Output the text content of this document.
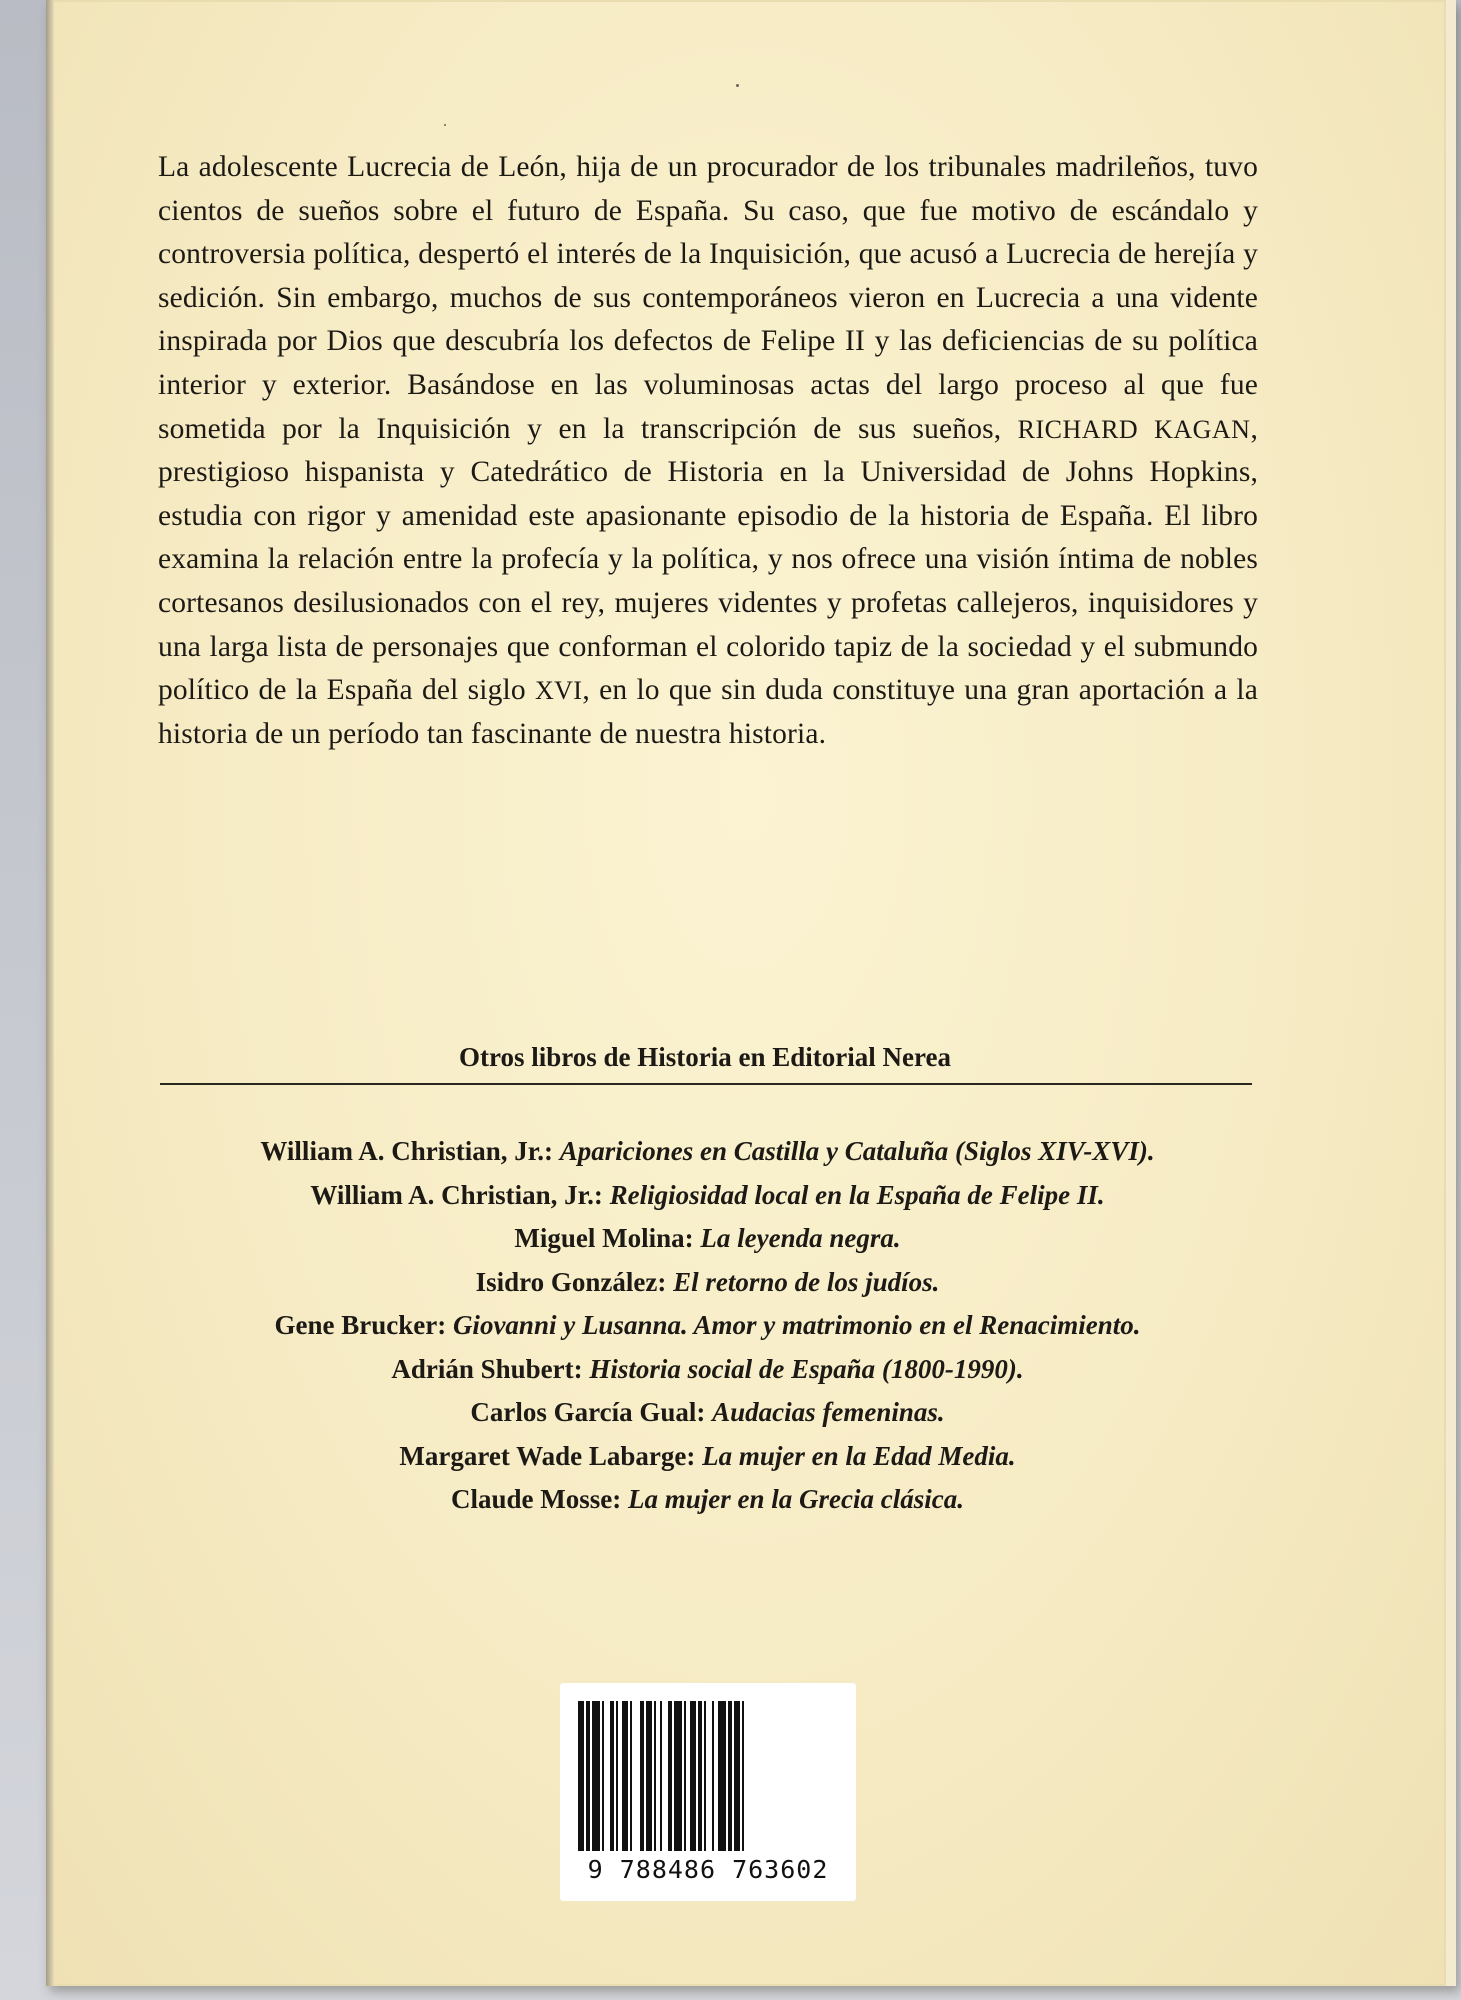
La adolescente Lucrecia de León, hija de un procurador de los tribunales madrileños, tuvo cientos de sueños sobre el futuro de España. Su caso, que fue motivo de escándalo y controversia política, despertó el interés de la Inquisición, que acusó a Lucrecia de herejía y sedición. Sin embargo, muchos de sus contemporáneos vieron en Lucrecia a una vidente inspirada por Dios que descubría los defectos de Felipe II y las deficiencias de su política interior y exterior. Basándose en las voluminosas actas del largo proceso al que fue sometida por la Inquisición y en la transcripción de sus sueños, RICHARD KAGAN, prestigioso hispanista y Catedrático de Historia en la Universidad de Johns Hopkins, estudia con rigor y amenidad este apasionante episodio de la historia de España. El libro examina la relación entre la profecía y la política, y nos ofrece una visión íntima de nobles cortesanos desilusionados con el rey, mujeres videntes y profetas callejeros, inquisidores y una larga lista de personajes que conforman el colorido tapiz de la sociedad y el submundo político de la España del siglo XVI, en lo que sin duda constituye una gran aportación a la historia de un período tan fascinante de nuestra historia.

Otros libros de Historia en Editorial Nerea
William A. Christian, Jr.: Apariciones en Castilla y Cataluña (Siglos XIV-XVI).
William A. Christian, Jr.: Religiosidad local en la España de Felipe II.
Miguel Molina: La leyenda negra.
Isidro González: El retorno de los judíos.
Gene Brucker: Giovanni y Lusanna. Amor y matrimonio en el Renacimiento.
Adrián Shubert: Historia social de España (1800-1990).
Carlos García Gual: Audacias femeninas.
Margaret Wade Labarge: La mujer en la Edad Media.
Claude Mosse: La mujer en la Grecia clásica.
9 788486 763602
